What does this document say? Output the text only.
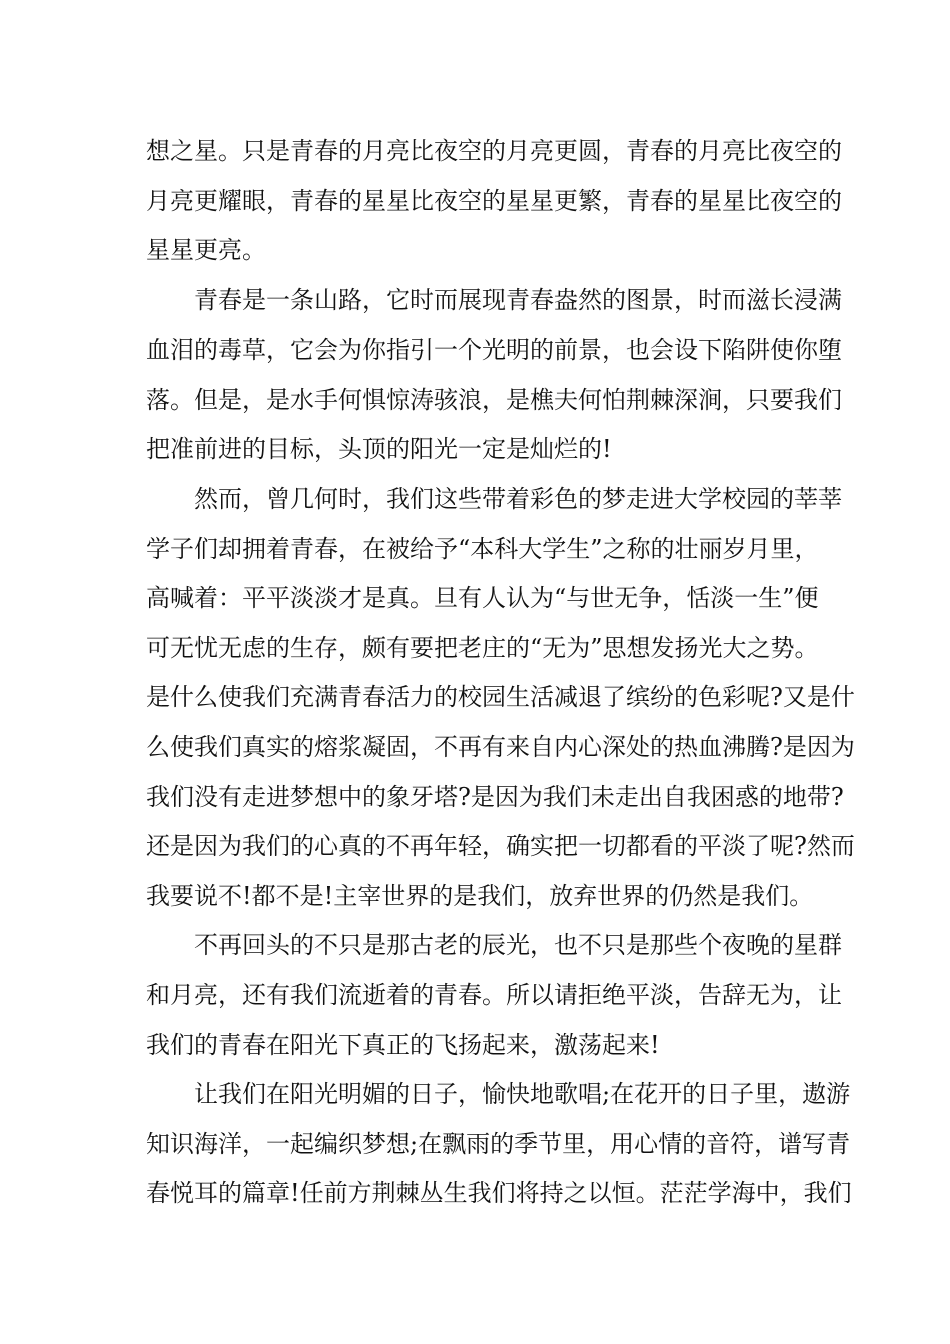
想之星。只是青春的月亮比夜空的月亮更圆，青春的月亮比夜空的
月亮更耀眼，青春的星星比夜空的星星更繁，青春的星星比夜空的
星星更亮。
青春是一条山路，它时而展现青春盎然的图景，时而滋长浸满
血泪的毒草，它会为你指引一个光明的前景，也会设下陷阱使你堕
落。但是，是水手何惧惊涛骇浪，是樵夫何怕荆棘深涧，只要我们
把准前进的目标，头顶的阳光一定是灿烂的!
然而，曾几何时，我们这些带着彩色的梦走进大学校园的莘莘
学子们却拥着青春，在被给予“本科大学生”之称的壮丽岁月里，
高喊着：平平淡淡才是真。旦有人认为“与世无争，恬淡一生”便
可无忧无虑的生存，颇有要把老庄的“无为”思想发扬光大之势。
是什么使我们充满青春活力的校园生活减退了缤纷的色彩呢?又是什
么使我们真实的熔浆凝固，不再有来自内心深处的热血沸腾?是因为
我们没有走进梦想中的象牙塔?是因为我们未走出自我困惑的地带?
还是因为我们的心真的不再年轻，确实把一切都看的平淡了呢?然而
我要说不!都不是!主宰世界的是我们，放弃世界的仍然是我们。
不再回头的不只是那古老的辰光，也不只是那些个夜晚的星群
和月亮，还有我们流逝着的青春。所以请拒绝平淡，告辞无为，让
我们的青春在阳光下真正的飞扬起来，激荡起来!
让我们在阳光明媚的日子，愉快地歌唱;在花开的日子里，遨游
知识海洋，一起编织梦想;在飘雨的季节里，用心情的音符，谱写青
春悦耳的篇章!任前方荆棘丛生我们将持之以恒。茫茫学海中，我们
